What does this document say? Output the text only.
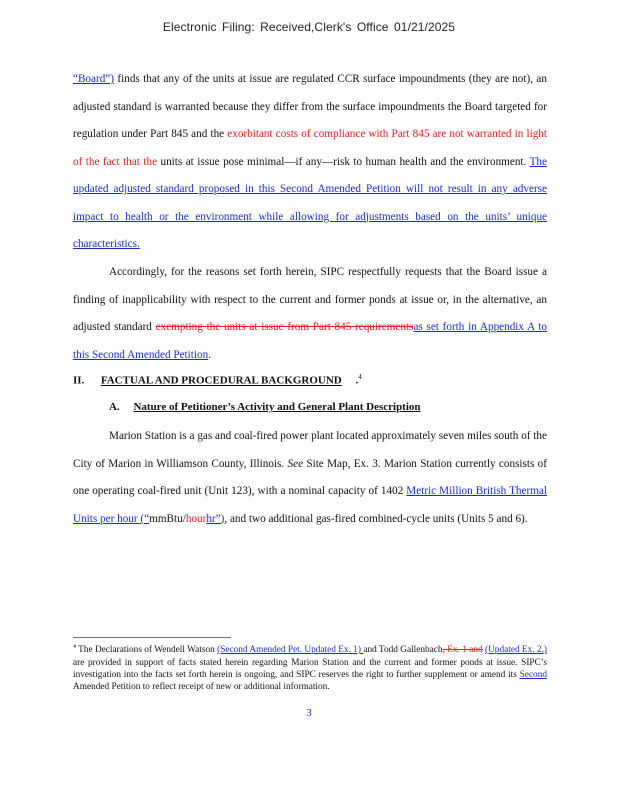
Electronic Filing: Received,Clerk's Office 01/21/2025

“Board”) finds that any of the units at issue are regulated CCR surface impoundments (they are not), an adjusted standard is warranted because they differ from the surface impoundments the Board targeted for regulation under Part 845 and the exorbitant costs of compliance with Part 845 are not warranted in light of the fact that the units at issue pose minimal—if any—risk to human health and the environment. The updated adjusted standard proposed in this Second Amended Petition will not result in any adverse impact to health or the environment while allowing for adjustments based on the units’ unique characteristics.

Accordingly, for the reasons set forth herein, SIPC respectfully requests that the Board issue a finding of inapplicability with respect to the current and former ponds at issue or, in the alternative, an adjusted standard exempting the units at issue from Part 845 requirementsas set forth in Appendix A to this Second Amended Petition.

II. FACTUAL AND PROCEDURAL BACKGROUND     .$^4$
A. Nature of Petitioner’s Activity and General Plant Description

Marion Station is a gas and coal-fired power plant located approximately seven miles south of the City of Marion in Williamson County, Illinois. See Site Map, Ex. 3. Marion Station currently consists of one operating coal-fired unit (Unit 123), with a nominal capacity of 1402 Metric Million British Thermal Units per hour (“mmBtu/hourhr”), and two additional gas-fired combined-cycle units (Units 5 and 6).

$^4$ The Declarations of Wendell Watson (Second Amended Pet. Updated Ex. 1) and Todd Gallenbach, Ex. 1 and (Updated Ex. 2,) are provided in support of facts stated herein regarding Marion Station and the current and former ponds at issue. SIPC’s investigation into the facts set forth herein is ongoing, and SIPC reserves the right to further supplement or amend its Second Amended Petition to reflect receipt of new or additional information.
3
